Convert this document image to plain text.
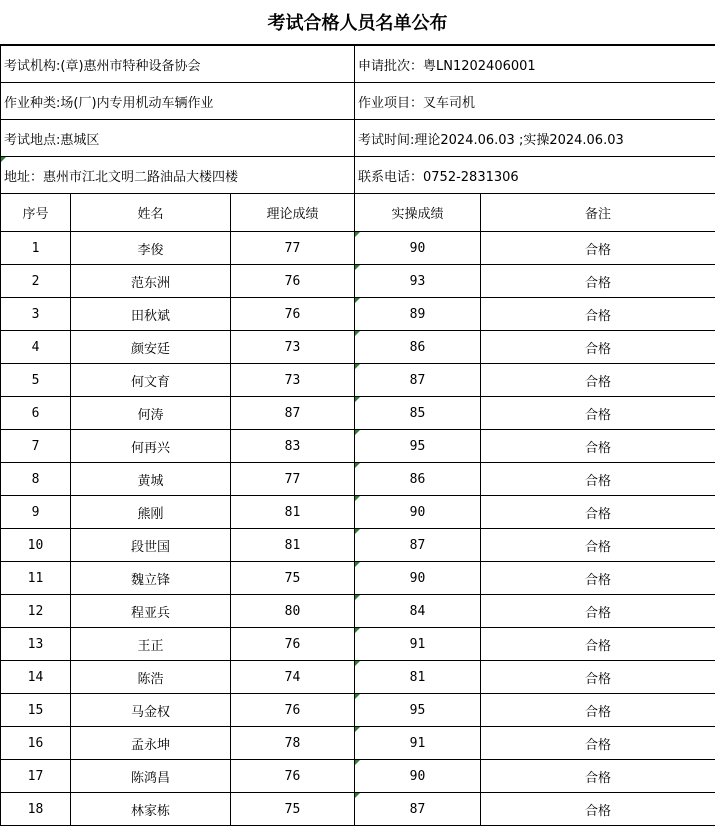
考试合格人员名单公布
考试机构:(章)惠州市特种设备协会			申请批次：粤LN1202406001	
作业种类:场(厂)内专用机动车辆作业			作业项目：叉车司机	
考试地点:惠城区			考试时间:理论2024.06.03 ;实操2024.06.03	
地址：惠州市江北文明二路油品大楼四楼			联系电话：0752-2831306	
序号	姓名	理论成绩	实操成绩	备注
1	李俊	77	90	合格
2	范东洲	76	93	合格
3	田秋斌	76	89	合格
4	颜安廷	73	86	合格
5	何文育	73	87	合格
6	何涛	87	85	合格
7	何再兴	83	95	合格
8	黄城	77	86	合格
9	熊刚	81	90	合格
10	段世国	81	87	合格
11	魏立锋	75	90	合格
12	程亚兵	80	84	合格
13	王正	76	91	合格
14	陈浩	74	81	合格
15	马金权	76	95	合格
16	孟永坤	78	91	合格
17	陈鸿昌	76	90	合格
18	林家栋	75	87	合格
